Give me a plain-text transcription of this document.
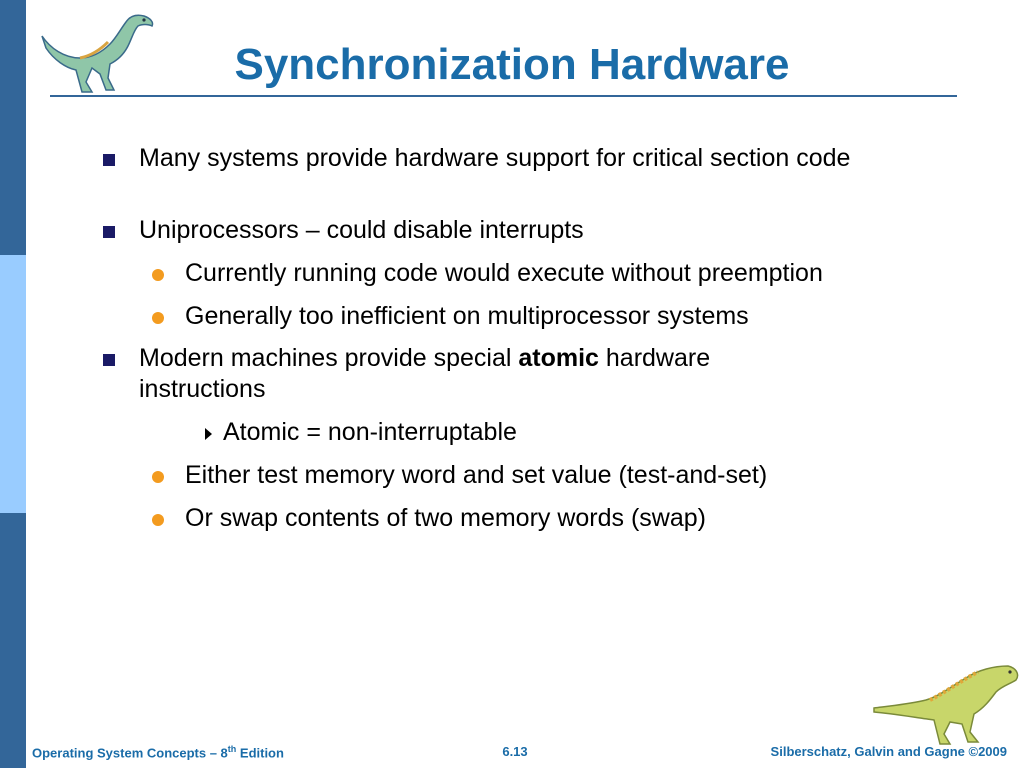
Synchronization Hardware
Many systems provide hardware support for critical section code
Uniprocessors – could disable interrupts
Currently running code would execute without preemption
Generally too inefficient on multiprocessor systems
Modern machines provide special atomic hardware instructions
Atomic = non-interruptable
Either test memory word and set value (test-and-set)
Or swap contents of two memory words (swap)
Operating System Concepts – 8th Edition	6.13	Silberschatz, Galvin and Gagne ©2009
